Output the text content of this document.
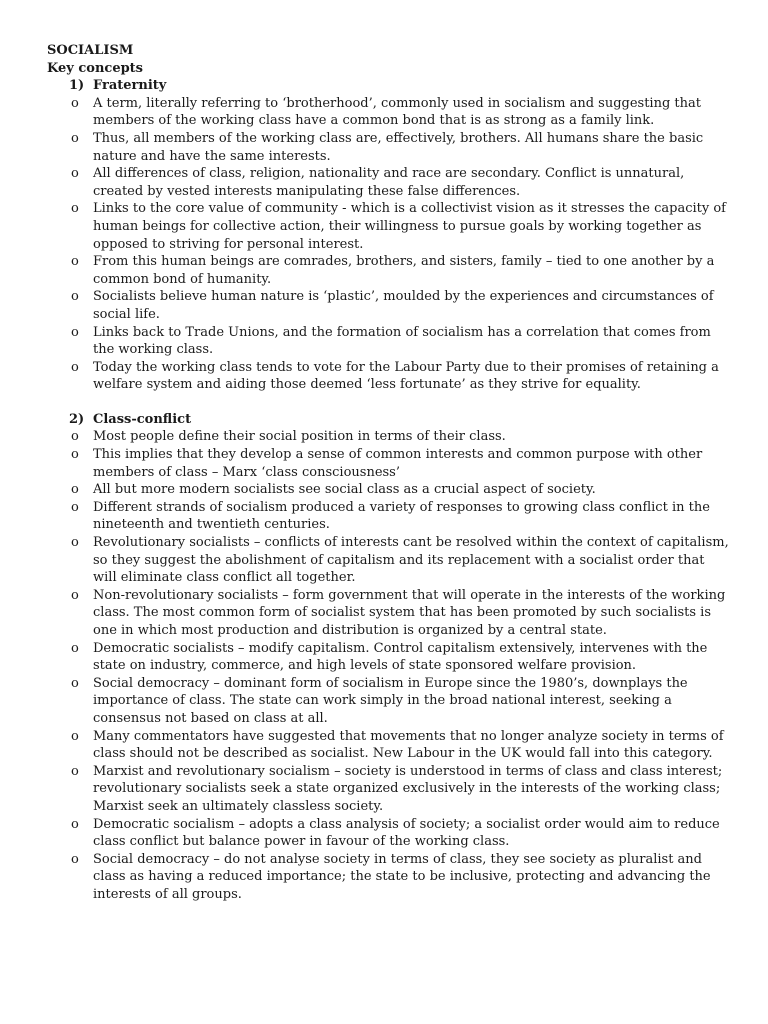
SOCIALISM
Key concepts
1) Fraternity
o	A term, literally referring to ‘brotherhood’, commonly used in socialism and suggesting that members of the working class have a common bond that is as strong as a family link.
o	Thus, all members of the working class are, effectively, brothers. All humans share the basic nature and have the same interests.
o	All differences of class, religion, nationality and race are secondary. Conflict is unnatural, created by vested interests manipulating these false differences.
o	Links to the core value of community - which is a collectivist vision as it stresses the capacity of human beings for collective action, their willingness to pursue goals by working together as opposed to striving for personal interest.
o	From this human beings are comrades, brothers, and sisters, family – tied to one another by a common bond of humanity.
o	Socialists believe human nature is ‘plastic’, moulded by the experiences and circumstances of social life.
o	Links back to Trade Unions, and the formation of socialism has a correlation that comes from the working class.
o	Today the working class tends to vote for the Labour Party due to their promises of retaining a welfare system and aiding those deemed ‘less fortunate’ as they strive for equality.
2) Class-conflict
o	Most people define their social position in terms of their class.
o	This implies that they develop a sense of common interests and common purpose with other members of class – Marx ‘class consciousness’
o	All but more modern socialists see social class as a crucial aspect of society.
o	Different strands of socialism produced a variety of responses to growing class conflict in the nineteenth and twentieth centuries.
o	Revolutionary socialists – conflicts of interests cant be resolved within the context of capitalism, so they suggest the abolishment of capitalism and its replacement with a socialist order that will eliminate class conflict all together.
o	Non-revolutionary socialists – form government that will operate in the interests of the working class. The most common form of socialist system that has been promoted by such socialists is one in which most production and distribution is organized by a central state.
o	Democratic socialists – modify capitalism. Control capitalism extensively, intervenes with the state on industry, commerce, and high levels of state sponsored welfare provision.
o	Social democracy – dominant form of socialism in Europe since the 1980’s, downplays the importance of class. The state can work simply in the broad national interest, seeking a consensus not based on class at all.
o	Many commentators have suggested that movements that no longer analyze society in terms of class should not be described as socialist. New Labour in the UK would fall into this category.
o	Marxist and revolutionary socialism – society is understood in terms of class and class interest; revolutionary socialists seek a state organized exclusively in the interests of the working class; Marxist seek an ultimately classless society.
o	Democratic socialism – adopts a class analysis of society; a socialist order would aim to reduce class conflict but balance power in favour of the working class.
o	Social democracy – do not analyse society in terms of class, they see society as pluralist and class as having a reduced importance; the state to be inclusive, protecting and advancing the interests of all groups.
